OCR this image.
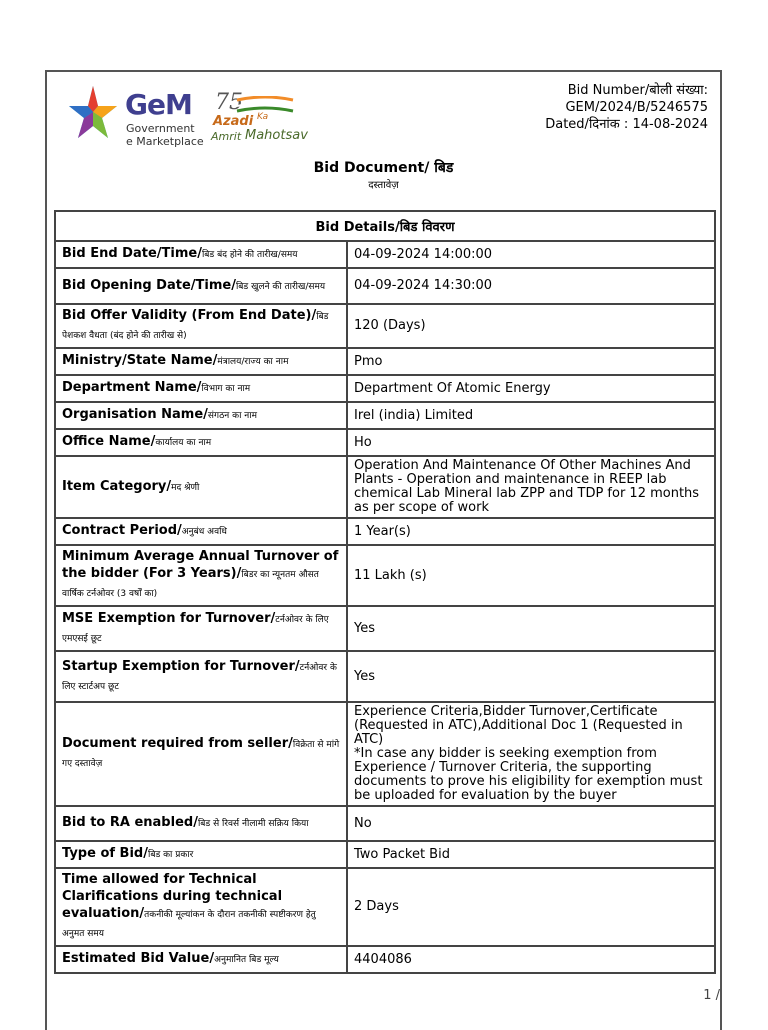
GeM
Government
e Marketplace
75
Azadi Ka
Amrit Mahotsav
Bid Number/बोली संख्या:
GEM/2024/B/5246575
Dated/दिनांक : 14-08-2024
Bid Document/ बिड
दस्तावेज़
Bid Details/बिड विवरण	
Bid End Date/Time/बिड बंद होने की तारीख/समय	04-09-2024 14:00:00
Bid Opening Date/Time/बिड खुलने की तारीख/समय	04-09-2024 14:30:00
Bid Offer Validity (From End Date)/बिड पेशकश वैधता (बंद होने की तारीख से)	120 (Days)
Ministry/State Name/मंत्रालय/राज्य का नाम	Pmo
Department Name/विभाग का नाम	Department Of Atomic Energy
Organisation Name/संगठन का नाम	Irel (india) Limited
Office Name/कार्यालय का नाम	Ho
Item Category/मद श्रेणी	Operation And Maintenance Of Other Machines And Plants - Operation and maintenance in REEP lab chemical Lab Mineral lab ZPP and TDP for 12 months as per scope of work
Contract Period/अनुबंध अवधि	1 Year(s)
Minimum Average Annual Turnover of the bidder (For 3 Years)/बिडर का न्यूनतम औसत वार्षिक टर्नओवर (3 वर्षों का)	11 Lakh (s)
MSE Exemption for Turnover/टर्नओवर के लिए एमएसई छूट	Yes
Startup Exemption for Turnover/टर्नओवर के लिए स्टार्टअप छूट	Yes
Document required from seller/विक्रेता से मांगे गए दस्तावेज़	Experience Criteria,Bidder Turnover,Certificate (Requested in ATC),Additional Doc 1 (Requested in ATC)
*In case any bidder is seeking exemption from Experience / Turnover Criteria, the supporting documents to prove his eligibility for exemption must be uploaded for evaluation by the buyer
Bid to RA enabled/बिड से रिवर्स नीलामी सक्रिय किया	No
Type of Bid/बिड का प्रकार	Two Packet Bid
Time allowed for Technical Clarifications during technical evaluation/तकनीकी मूल्यांकन के दौरान तकनीकी स्पष्टीकरण हेतु अनुमत समय	2 Days
Estimated Bid Value/अनुमानित बिड मूल्य	4404086
1 /
